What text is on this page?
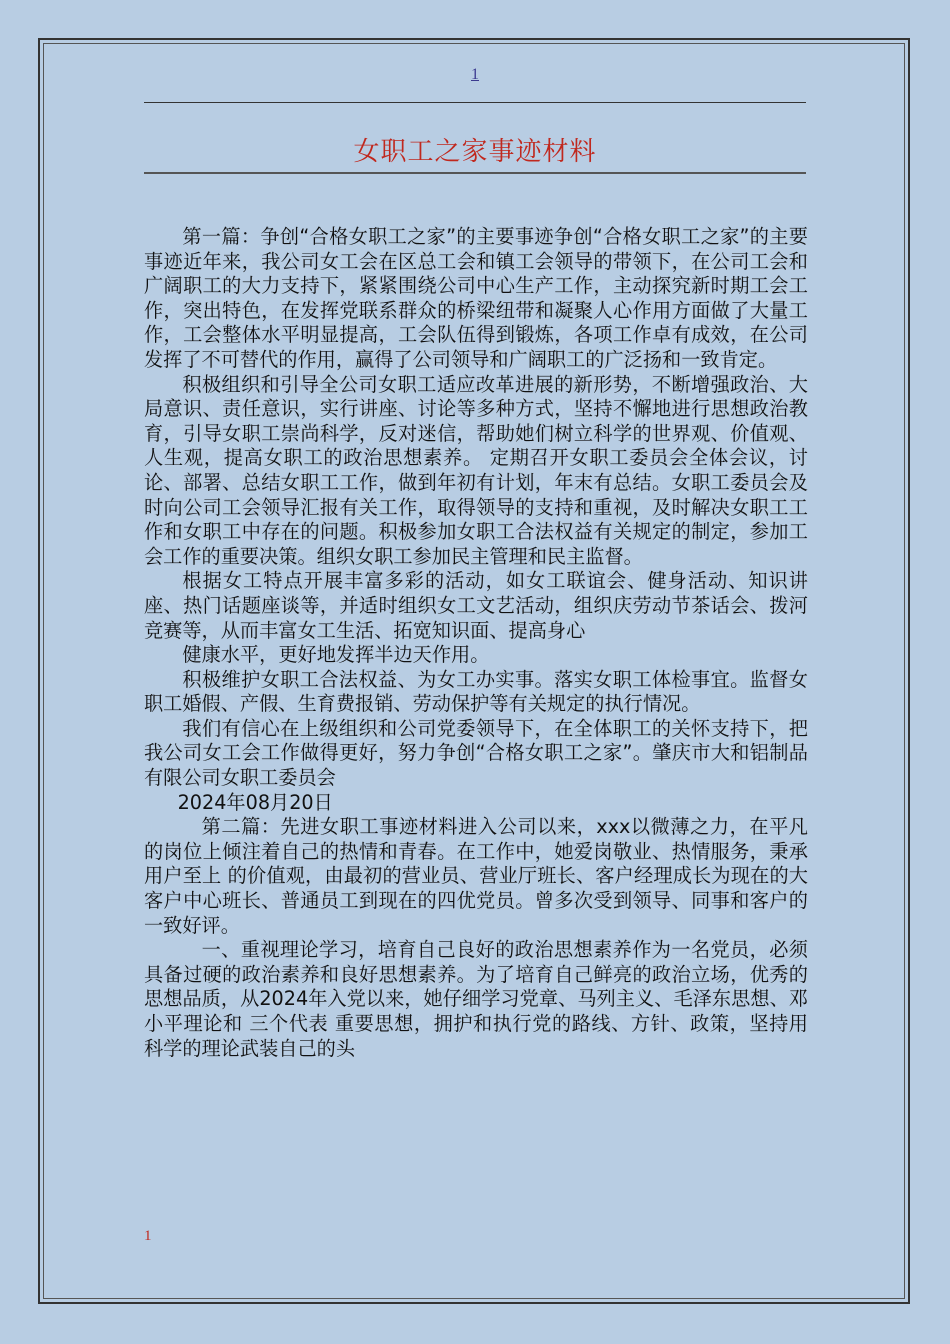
1
女职工之家事迹材料

第一篇：争创“合格女职工之家”的主要事迹争创“合格女职工之家”的主要事迹近年来，我公司女工会在区总工会和镇工会领导的带领下，在公司工会和广阔职工的大力支持下，紧紧围绕公司中心生产工作，主动探究新时期工会工作，突出特色，在发挥党联系群众的桥梁纽带和凝聚人心作用方面做了大量工作，工会整体水平明显提高，工会队伍得到锻炼，各项工作卓有成效，在公司发挥了不可替代的作用，赢得了公司领导和广阔职工的广泛扬和一致肯定。

积极组织和引导全公司女职工适应改革进展的新形势，不断增强政治、大局意识、责任意识，实行讲座、讨论等多种方式，坚持不懈地进行思想政治教育，引导女职工崇尚科学，反对迷信，帮助她们树立科学的世界观、价值观、人生观，提高女职工的政治思想素养。 定期召开女职工委员会全体会议，讨论、部署、总结女职工工作，做到年初有计划，年末有总结。女职工委员会及时向公司工会领导汇报有关工作，取得领导的支持和重视，及时解决女职工工作和女职工中存在的问题。积极参加女职工合法权益有关规定的制定，参加工会工作的重要决策。组织女职工参加民主管理和民主监督。

根据女工特点开展丰富多彩的活动，如女工联谊会、健身活动、知识讲座、热门话题座谈等，并适时组织女工文艺活动，组织庆劳动节茶话会、拨河竞赛等，从而丰富女工生活、拓宽知识面、提高身心

健康水平，更好地发挥半边天作用。

积极维护女职工合法权益、为女工办实事。落实女职工体检事宜。监督女职工婚假、产假、生育费报销、劳动保护等有关规定的执行情况。

我们有信心在上级组织和公司党委领导下，在全体职工的关怀支持下，把我公司女工会工作做得更好，努力争创“合格女职工之家”。肇庆市大和铝制品有限公司女职工委员会

2024年08月20日

第二篇：先进女职工事迹材料进入公司以来，xxx以微薄之力，在平凡的岗位上倾注着自己的热情和青春。在工作中，她爱岗敬业、热情服务，秉承 用户至上 的价值观，由最初的营业员、营业厅班长、客户经理成长为现在的大客户中心班长、普通员工到现在的四优党员。曾多次受到领导、同事和客户的一致好评。

一、重视理论学习，培育自己良好的政治思想素养作为一名党员，必须具备过硬的政治素养和良好思想素养。为了培育自己鲜亮的政治立场，优秀的思想品质，从2024年入党以来，她仔细学习党章、马列主义、毛泽东思想、邓小平理论和 三个代表 重要思想，拥护和执行党的路线、方针、政策，坚持用科学的理论武装自己的头

1
